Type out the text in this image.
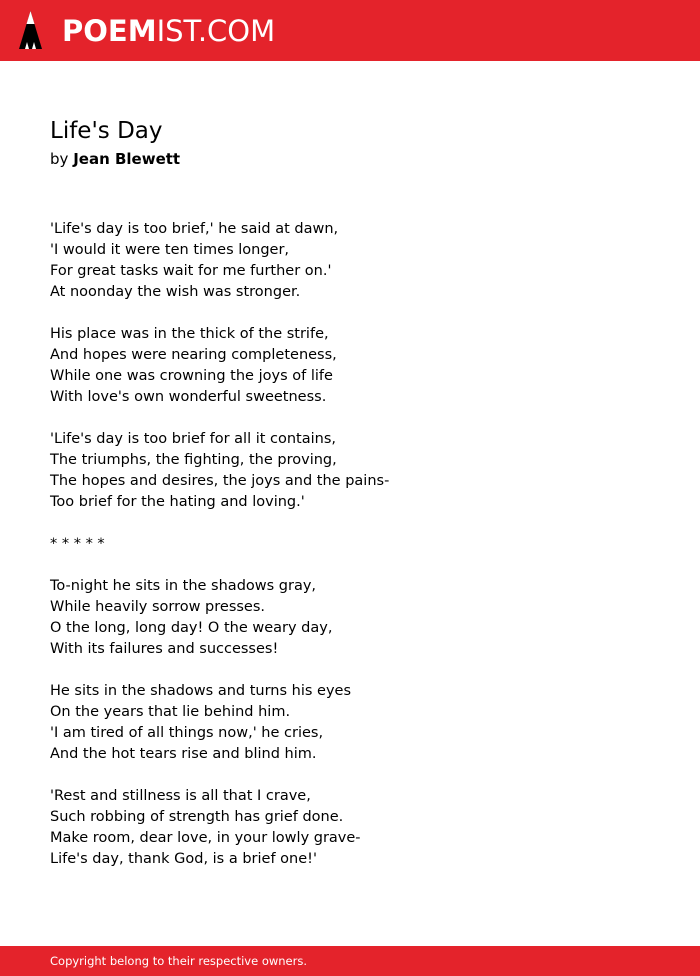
POEMIST.COM
Life's Day
by Jean Blewett
'Life's day is too brief,' he said at dawn,
'I would it were ten times longer,
For great tasks wait for me further on.'
At noonday the wish was stronger.
His place was in the thick of the strife,
And hopes were nearing completeness,
While one was crowning the joys of life
With love's own wonderful sweetness.
'Life's day is too brief for all it contains,
The triumphs, the fighting, the proving,
The hopes and desires, the joys and the pains-
Too brief for the hating and loving.'
* * * * *
To-night he sits in the shadows gray,
While heavily sorrow presses.
O the long, long day! O the weary day,
With its failures and successes!
He sits in the shadows and turns his eyes
On the years that lie behind him.
'I am tired of all things now,' he cries,
And the hot tears rise and blind him.
'Rest and stillness is all that I crave,
Such robbing of strength has grief done.
Make room, dear love, in your lowly grave-
Life's day, thank God, is a brief one!'
Copyright belong to their respective owners.
